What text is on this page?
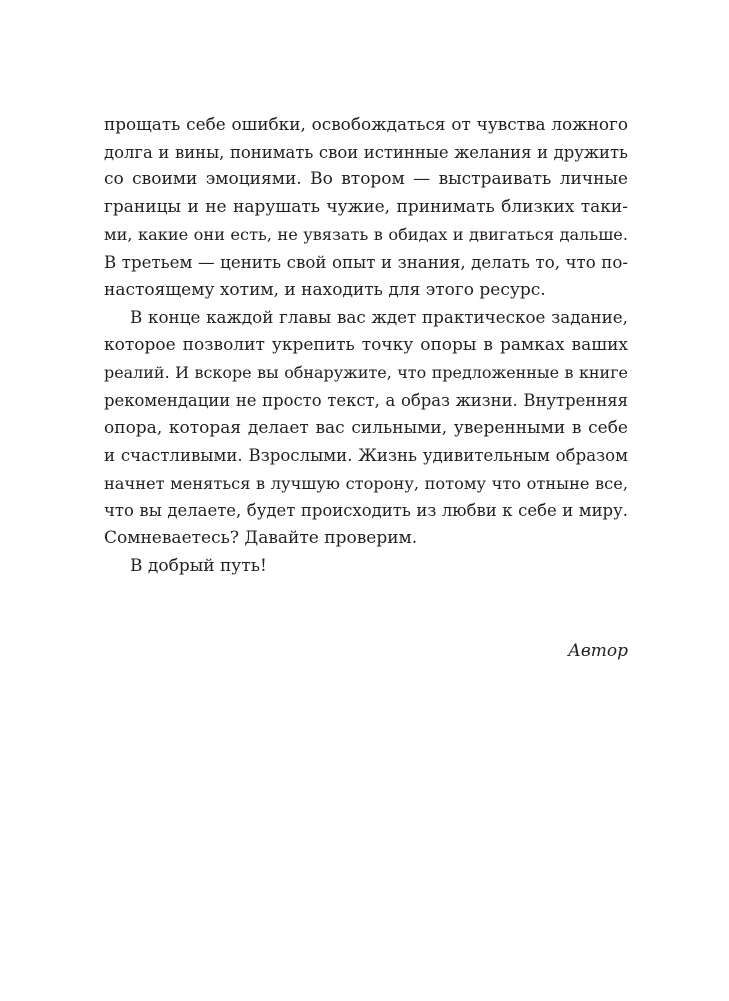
прощать себе ошибки, освобождаться от чувства ложного
долга и вины, понимать свои истинные желания и дружить
со своими эмоциями. Во втором — выстраивать личные
границы и не нарушать чужие, принимать близких таки-
ми, какие они есть, не увязать в обидах и двигаться дальше.
В третьем — ценить свой опыт и знания, делать то, что по-
настоящему хотим, и находить для этого ресурс.
В конце каждой главы вас ждет практическое задание,
которое позволит укрепить точку опоры в рамках ваших
реалий. И вскоре вы обнаружите, что предложенные в книге
рекомендации не просто текст, а образ жизни. Внутренняя
опора, которая делает вас сильными, уверенными в себе
и счастливыми. Взрослыми. Жизнь удивительным образом
начнет меняться в лучшую сторону, потому что отныне все,
что вы делаете, будет происходить из любви к себе и миру.
Сомневаетесь? Давайте проверим.
В добрый путь!
Автор
